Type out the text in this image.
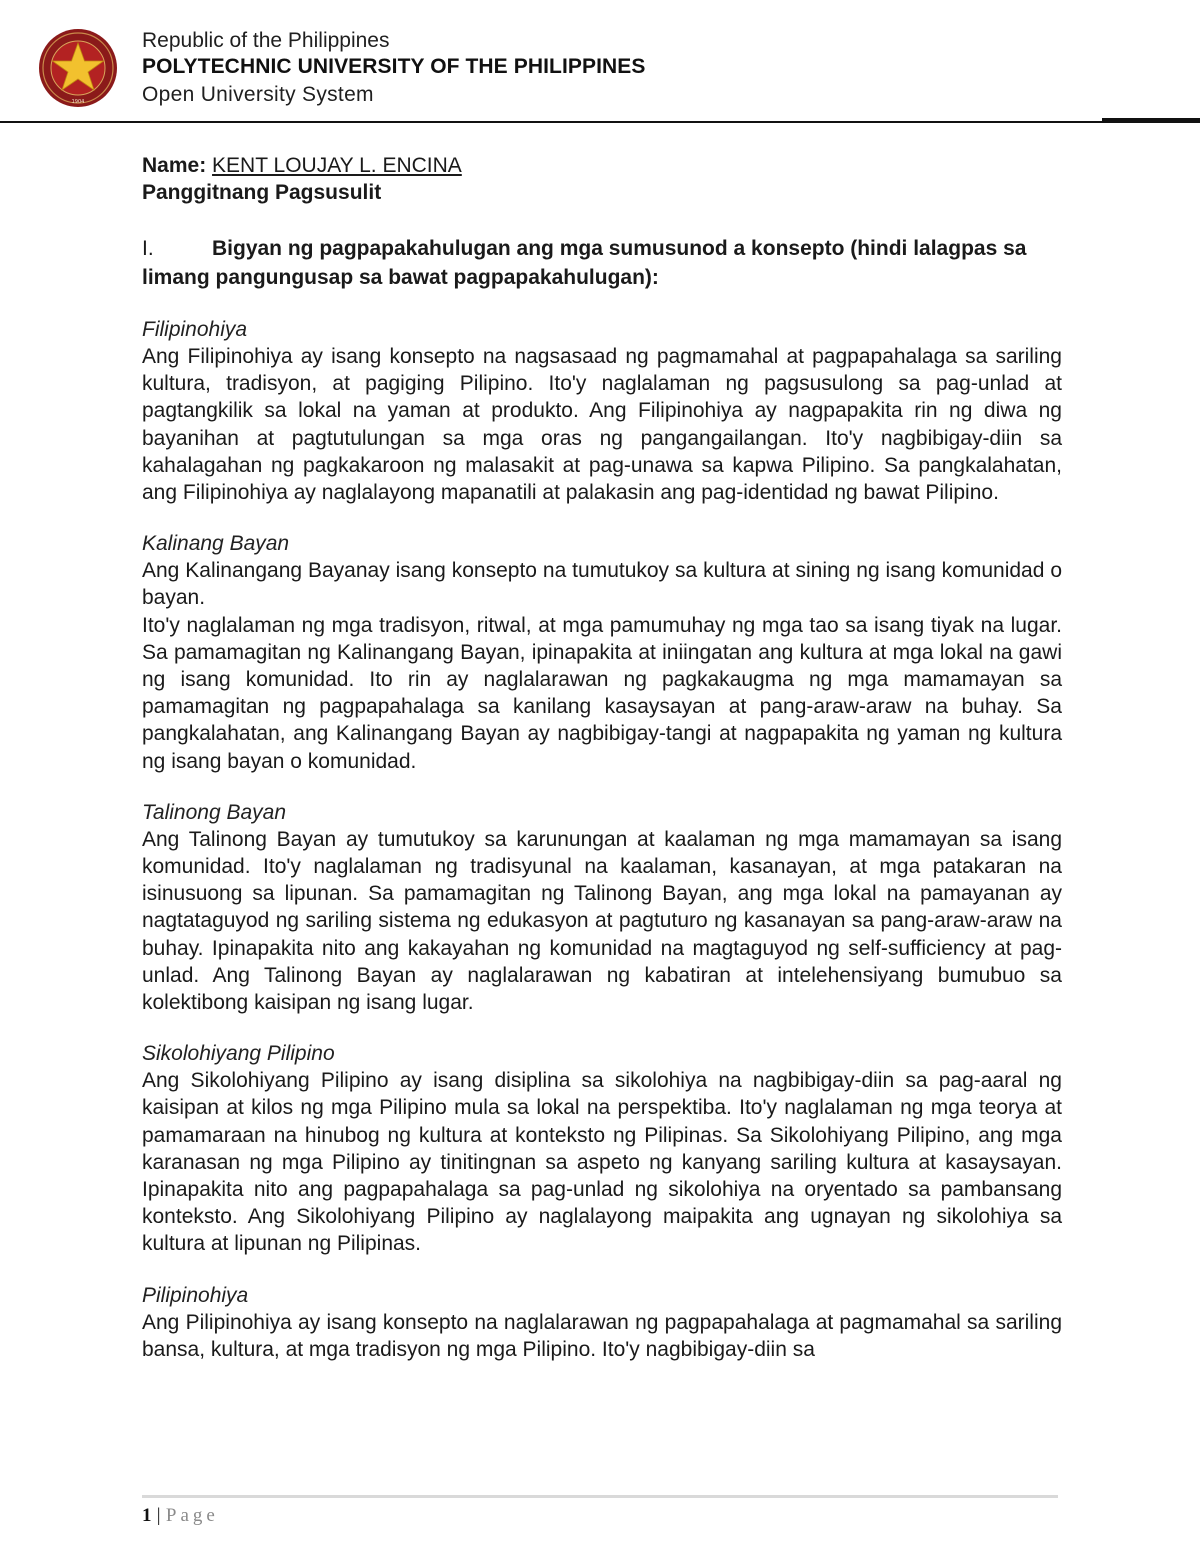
1904
Republic of the Philippines
POLYTECHNIC UNIVERSITY OF THE PHILIPPINES
Open University System
Name: KENT LOUJAY L. ENCINA
Panggitnang Pagsusulit
I.	Bigyan ng pagpapakahulugan ang mga sumusunod a konsepto (hindi lalagpas sa limang pangungusap sa bawat pagpapakahulugan):
Filipinohiya

Ang Filipinohiya ay isang konsepto na nagsasaad ng pagmamahal at pagpapahalaga sa sariling kultura, tradisyon, at pagiging Pilipino. Ito'y naglalaman ng pagsusulong sa pag-unlad at pagtangkilik sa lokal na yaman at produkto. Ang Filipinohiya ay nagpapakita rin ng diwa ng bayanihan at pagtutulungan sa mga oras ng pangangailangan. Ito'y nagbibigay-diin sa kahalagahan ng pagkakaroon ng malasakit at pag-unawa sa kapwa Pilipino. Sa pangkalahatan, ang Filipinohiya ay naglalayong mapanatili at palakasin ang pag-identidad ng bawat Pilipino.

Kalinang Bayan

Ang Kalinangang Bayanay isang konsepto na tumutukoy sa kultura at sining ng isang komunidad o bayan.

Ito'y naglalaman ng mga tradisyon, ritwal, at mga pamumuhay ng mga tao sa isang tiyak na lugar. Sa pamamagitan ng Kalinangang Bayan, ipinapakita at iniingatan ang kultura at mga lokal na gawi ng isang komunidad. Ito rin ay naglalarawan ng pagkakaugma ng mga mamamayan sa pamamagitan ng pagpapahalaga sa kanilang kasaysayan at pang-araw-araw na buhay. Sa pangkalahatan, ang Kalinangang Bayan ay nagbibigay-tangi at nagpapakita ng yaman ng kultura ng isang bayan o komunidad.

Talinong Bayan

Ang Talinong Bayan ay tumutukoy sa karunungan at kaalaman ng mga mamamayan sa isang komunidad. Ito'y naglalaman ng tradisyunal na kaalaman, kasanayan, at mga patakaran na isinusuong sa lipunan. Sa pamamagitan ng Talinong Bayan, ang mga lokal na pamayanan ay nagtataguyod ng sariling sistema ng edukasyon at pagtuturo ng kasanayan sa pang-araw-araw na buhay. Ipinapakita nito ang kakayahan ng komunidad na magtaguyod ng self-sufficiency at pag-unlad. Ang Talinong Bayan ay naglalarawan ng kabatiran at intelehensiyang bumubuo sa kolektibong kaisipan ng isang lugar.

Sikolohiyang Pilipino

Ang Sikolohiyang Pilipino ay isang disiplina sa sikolohiya na nagbibigay-diin sa pag-aaral ng kaisipan at kilos ng mga Pilipino mula sa lokal na perspektiba. Ito'y naglalaman ng mga teorya at pamamaraan na hinubog ng kultura at konteksto ng Pilipinas. Sa Sikolohiyang Pilipino, ang mga karanasan ng mga Pilipino ay tinitingnan sa aspeto ng kanyang sariling kultura at kasaysayan. Ipinapakita nito ang pagpapahalaga sa pag-unlad ng sikolohiya na oryentado sa pambansang konteksto. Ang Sikolohiyang Pilipino ay naglalayong maipakita ang ugnayan ng sikolohiya sa kultura at lipunan ng Pilipinas.

Pilipinohiya

Ang Pilipinohiya ay isang konsepto na naglalarawan ng pagpapahalaga at pagmamahal sa sariling bansa, kultura, at mga tradisyon ng mga Pilipino. Ito'y nagbibigay-diin sa

1 | Page
